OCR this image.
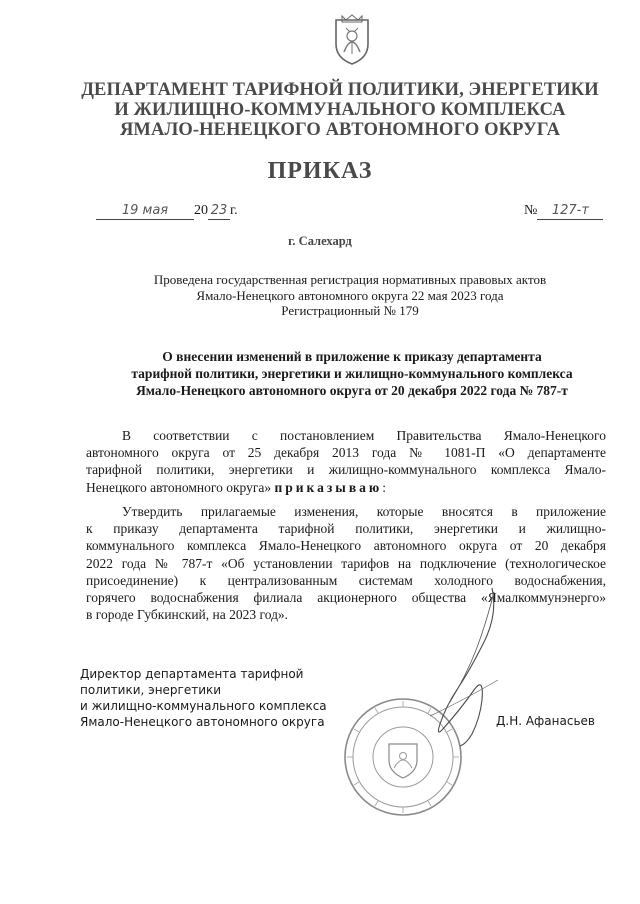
ДЕПАРТАМЕНТ ТАРИФНОЙ ПОЛИТИКИ, ЭНЕРГЕТИКИ
И ЖИЛИЩНО-КОММУНАЛЬНОГО КОМПЛЕКСА
ЯМАЛО-НЕНЕЦКОГО АВТОНОМНОГО ОКРУГА
ПРИКАЗ
19 мая 20 23 г.	№ 127-т
г. Салехард
Проведена государственная регистрация нормативных правовых актов
Ямало-Ненецкого автономного округа 22 мая 2023 года
Регистрационный № 179
О внесении изменений в приложение к приказу департамента
тарифной политики, энергетики и жилищно-коммунального комплекса
Ямало-Ненецкого автономного округа от 20 декабря 2022 года № 787-т
В соответствии с постановлением Правительства Ямало-Ненецкого
автономного округа от 25 декабря 2013 года № 1081-П «О департаменте
тарифной политики, энергетики и жилищно-коммунального комплекса Ямало-
Ненецкого автономного округа» приказываю:
Утвердить прилагаемые изменения, которые вносятся в приложение
к приказу департамента тарифной политики, энергетики и жилищно-
коммунального комплекса Ямало-Ненецкого автономного округа от 20 декабря
2022 года № 787-т «Об установлении тарифов на подключение (технологическое
присоединение) к централизованным системам холодного водоснабжения,
горячего водоснабжения филиала акционерного общества «Ямалкоммунэнерго»
в городе Губкинский, на 2023 год».
Директор департамента тарифной
политики, энергетики
и жилищно-коммунального комплекса
Ямало-Ненецкого автономного округа	Д.Н. Афанасьев
